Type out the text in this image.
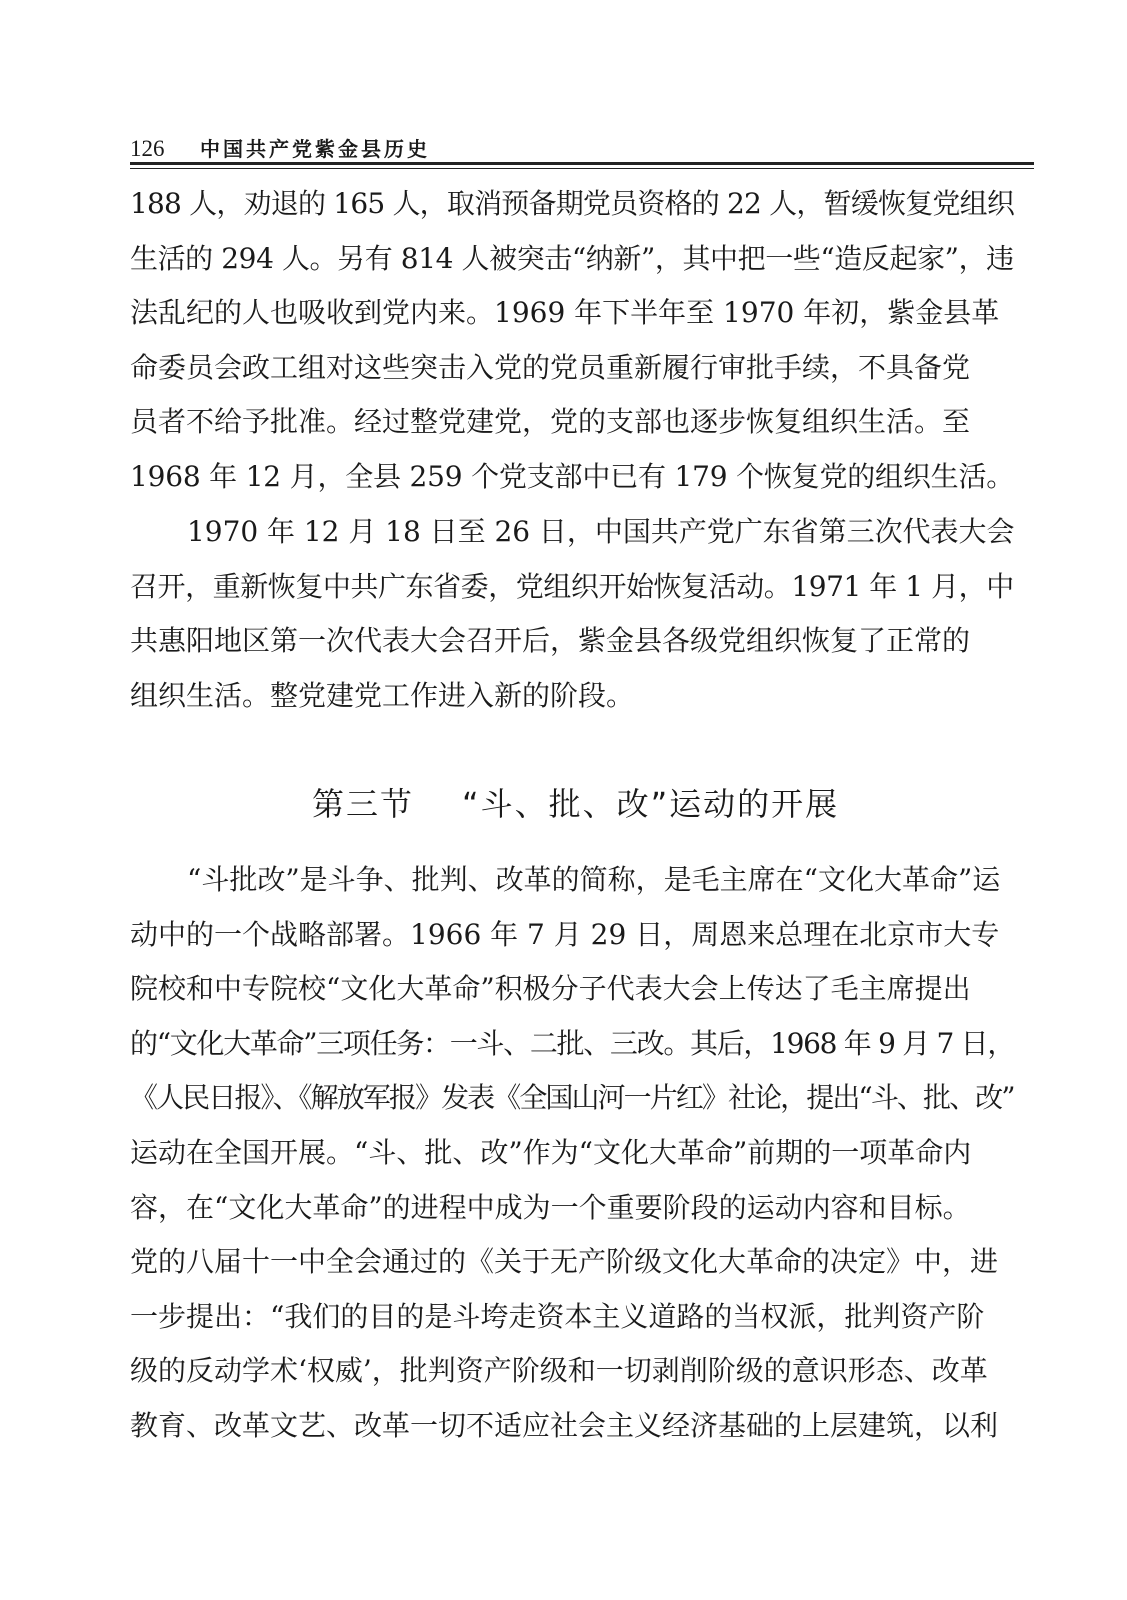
126 中国共产党紫金县历史
第三节 “斗、批、改”运动的开展
188 人，劝退的 165 人，取消预备期党员资格的 22 人，暂缓恢复党组织
生活的 294 人。另有 814 人被突击“纳新”，其中把一些“造反起家”，违
法乱纪的人也吸收到党内来。1969 年下半年至 1970 年初，紫金县革
命委员会政工组对这些突击入党的党员重新履行审批手续，不具备党
员者不给予批准。经过整党建党，党的支部也逐步恢复组织生活。至
1968 年 12 月，全县 259 个党支部中已有 179 个恢复党的组织生活。
1970 年 12 月 18 日至 26 日，中国共产党广东省第三次代表大会
召开，重新恢复中共广东省委，党组织开始恢复活动。1971 年 1 月，中
共惠阳地区第一次代表大会召开后，紫金县各级党组织恢复了正常的
组织生活。整党建党工作进入新的阶段。
“斗批改”是斗争、批判、改革的简称，是毛主席在“文化大革命”运
动中的一个战略部署。1966 年 7 月 29 日，周恩来总理在北京市大专
院校和中专院校“文化大革命”积极分子代表大会上传达了毛主席提出
的“文化大革命”三项任务：一斗、二批、三改。其后，1968 年 9 月 7 日，
《人民日报》、《解放军报》发表《全国山河一片红》社论，提出“斗、批、改”
运动在全国开展。“斗、批、改”作为“文化大革命”前期的一项革命内
容，在“文化大革命”的进程中成为一个重要阶段的运动内容和目标。
党的八届十一中全会通过的《关于无产阶级文化大革命的决定》中，进
一步提出：“我们的目的是斗垮走资本主义道路的当权派，批判资产阶
级的反动学术‘权威’，批判资产阶级和一切剥削阶级的意识形态、改革
教育、改革文艺、改革一切不适应社会主义经济基础的上层建筑，以利
